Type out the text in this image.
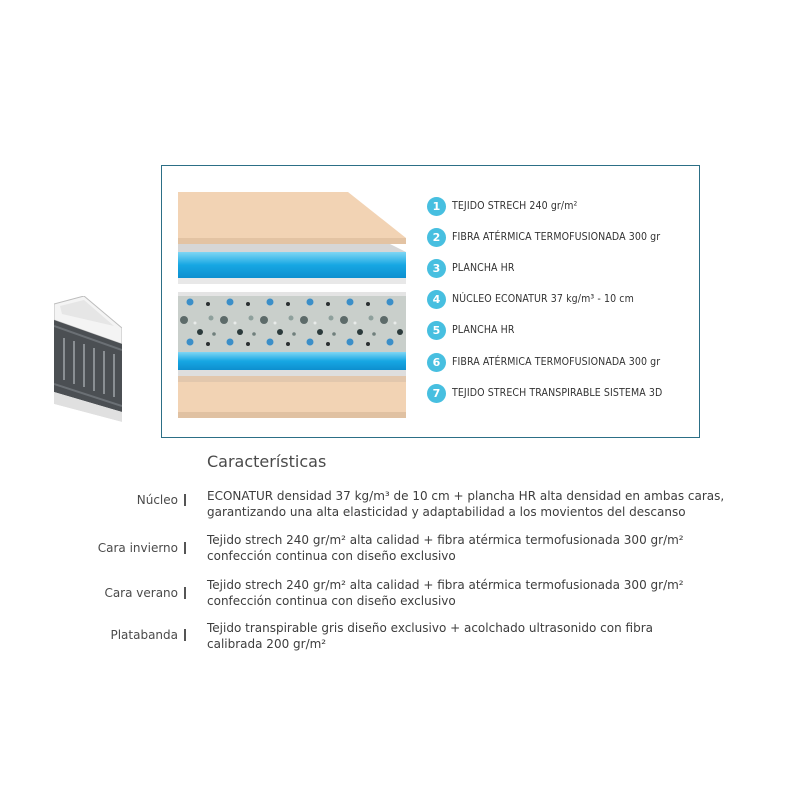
1	TEJIDO STRECH 240 gr/m²
2	FIBRA ATÉRMICA TERMOFUSIONADA 300 gr
3	PLANCHA HR
4	NÚCLEO ECONATUR 37 kg/m³ - 10 cm
5	PLANCHA HR
6	FIBRA ATÉRMICA TERMOFUSIONADA 300 gr
7	TEJIDO STRECH TRANSPIRABLE SISTEMA 3D
Características
Núcleo ECONATUR densidad 37 kg/m³ de 10 cm + plancha HR alta densidad en ambas caras,
garantizando una alta elasticidad y adaptabilidad a los movientos del descanso
Cara invierno
Tejido strech 240 gr/m² alta calidad + fibra atérmica termofusionada 300 gr/m²
confección continua con diseño exclusivo
Cara verano
Tejido strech 240 gr/m² alta calidad + fibra atérmica termofusionada 300 gr/m²
confección continua con diseño exclusivo
Platabanda Tejido transpirable gris diseño exclusivo + acolchado ultrasonido con fibra
calibrada 200 gr/m²
